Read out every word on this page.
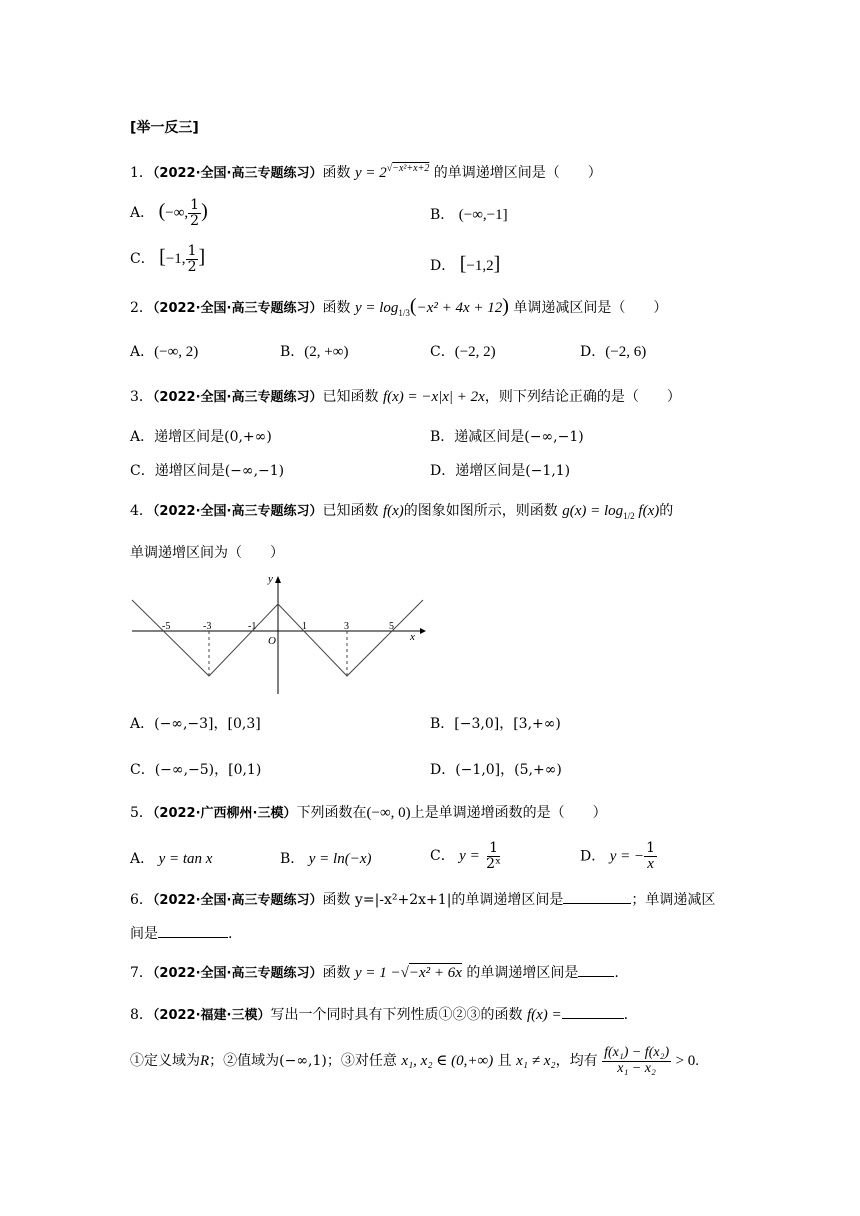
[举一反三]
1．（2022·全国·高三专题练习）函数 $y = 2^{√-x^2+x+2}$ 的单调递增区间是（　　）
A． (−∞, $\frac{1}{2}$ )	B． (−∞,−1]
C． [−1, $\frac{1}{2}$ ]	D． [−1,2]
2．（2022·全国·高三专题练习）函数 $y = \log_{1/3}(-x^2 + 4x + 12)$ 单调递减区间是（　　）
A．(−∞, 2)	B．(2, +∞)	C．(−2, 2)	D．(−2, 6)
3．（2022·全国·高三专题练习）已知函数 f(x) = −x|x| + 2x，则下列结论正确的是（　　）
A．递增区间是(0,+∞)	B．递减区间是(−∞,−1)
C．递增区间是(−∞,−1)	D．递增区间是(−1,1)
4．（2022·全国·高三专题练习）已知函数 f(x)的图象如图所示，则函数 $g(x) = \log_{1/2} f(x)$的
单调递增区间为（　　）
y
x
O
-5	-3	-1	1	3	5
A．(−∞,−3]，[0,3]	B．[−3,0]，[3,+∞)
C．(−∞,−5)，[0,1)	D．(−1,0]，(5,+∞)
5．（2022·广西柳州·三模）下列函数在(−∞, 0)上是单调递增函数的是（　　）
A． y = tan x	B． y = ln(−x)	C． $y = \frac{1}{\text{2ˣ}}$	D． y = − $\frac{1}{x}$
6．（2022·全国·高三专题练习）函数 y=|-x²+2x+1|的单调递增区间是	；单调递减区
间是	.
7．（2022·全国·高三专题练习）函数 y = 1 −√−x² + 6x 的单调递增区间是	.
8．（2022·福建·三模）写出一个同时具有下列性质①②③的函数 f(x) =	.
①定义域为R；②值域为(−∞,1)；③对任意 x₁, x₂ ∈ (0,+∞) 且 x₁ ≠ x₂，均有 $\frac{\text{f(x₁) − f(x₂)}}{\text{x₁ − x₂}} > 0$.
